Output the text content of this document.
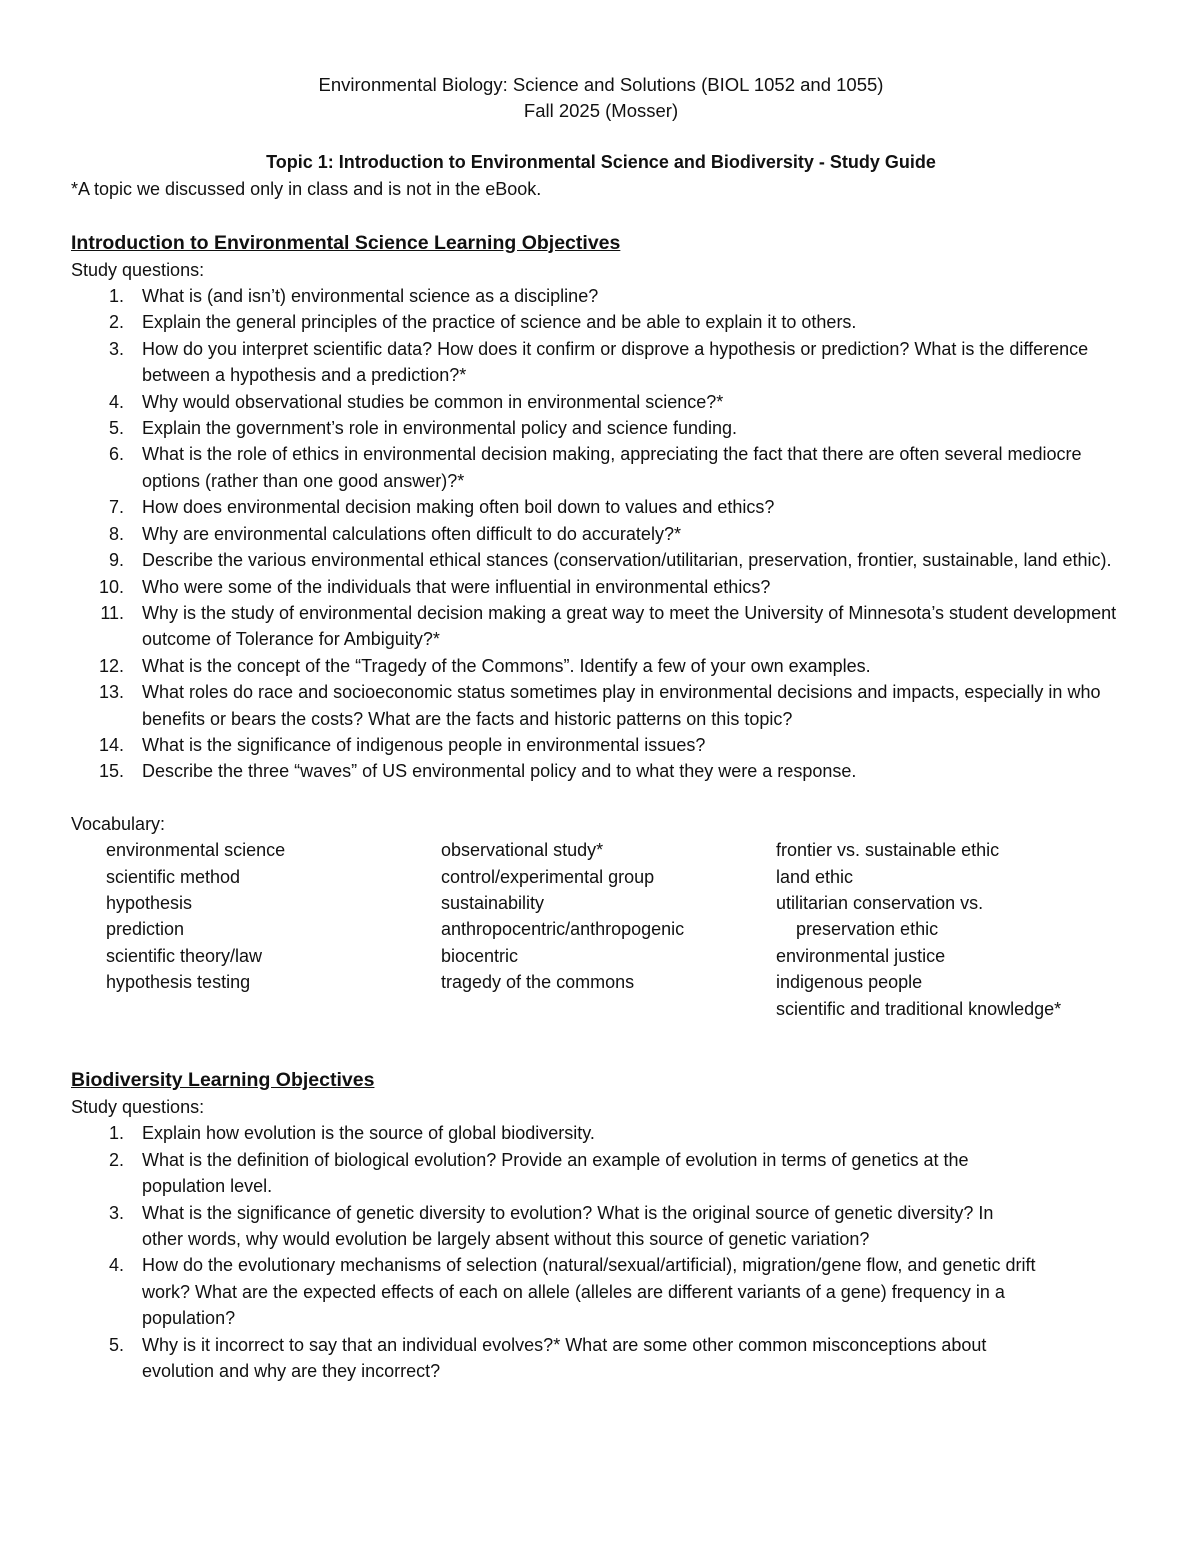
Environmental Biology: Science and Solutions (BIOL 1052 and 1055)
Fall 2025 (Mosser)
Topic 1: Introduction to Environmental Science and Biodiversity - Study Guide
*A topic we discussed only in class and is not in the eBook.
Introduction to Environmental Science Learning Objectives
Study questions:
1. What is (and isn’t) environmental science as a discipline?
2. Explain the general principles of the practice of science and be able to explain it to others.
3. How do you interpret scientific data? How does it confirm or disprove a hypothesis or prediction? What is the difference between a hypothesis and a prediction?*
4. Why would observational studies be common in environmental science?*
5. Explain the government’s role in environmental policy and science funding.
6. What is the role of ethics in environmental decision making, appreciating the fact that there are often several mediocre options (rather than one good answer)?*
7. How does environmental decision making often boil down to values and ethics?
8. Why are environmental calculations often difficult to do accurately?*
9. Describe the various environmental ethical stances (conservation/utilitarian, preservation, frontier, sustainable, land ethic).
10. Who were some of the individuals that were influential in environmental ethics?
11. Why is the study of environmental decision making a great way to meet the University of Minnesota’s student development outcome of Tolerance for Ambiguity?*
12. What is the concept of the “Tragedy of the Commons”. Identify a few of your own examples.
13. What roles do race and socioeconomic status sometimes play in environmental decisions and impacts, especially in who benefits or bears the costs? What are the facts and historic patterns on this topic?
14. What is the significance of indigenous people in environmental issues?
15. Describe the three “waves” of US environmental policy and to what they were a response.
Vocabulary:
environmental science
scientific method
hypothesis
prediction
scientific theory/law
hypothesis testing
observational study*
control/experimental group
sustainability
anthropocentric/anthropogenic
biocentric
tragedy of the commons
frontier vs. sustainable ethic
land ethic
utilitarian conservation vs.
preservation ethic
environmental justice
indigenous people
scientific and traditional knowledge*
Biodiversity Learning Objectives
Study questions:
1. Explain how evolution is the source of global biodiversity.
2. What is the definition of biological evolution? Provide an example of evolution in terms of genetics at the population level.
3. What is the significance of genetic diversity to evolution? What is the original source of genetic diversity? In other words, why would evolution be largely absent without this source of genetic variation?
4. How do the evolutionary mechanisms of selection (natural/sexual/artificial), migration/gene flow, and genetic drift work? What are the expected effects of each on allele (alleles are different variants of a gene) frequency in a population?
5. Why is it incorrect to say that an individual evolves?* What are some other common misconceptions about evolution and why are they incorrect?
